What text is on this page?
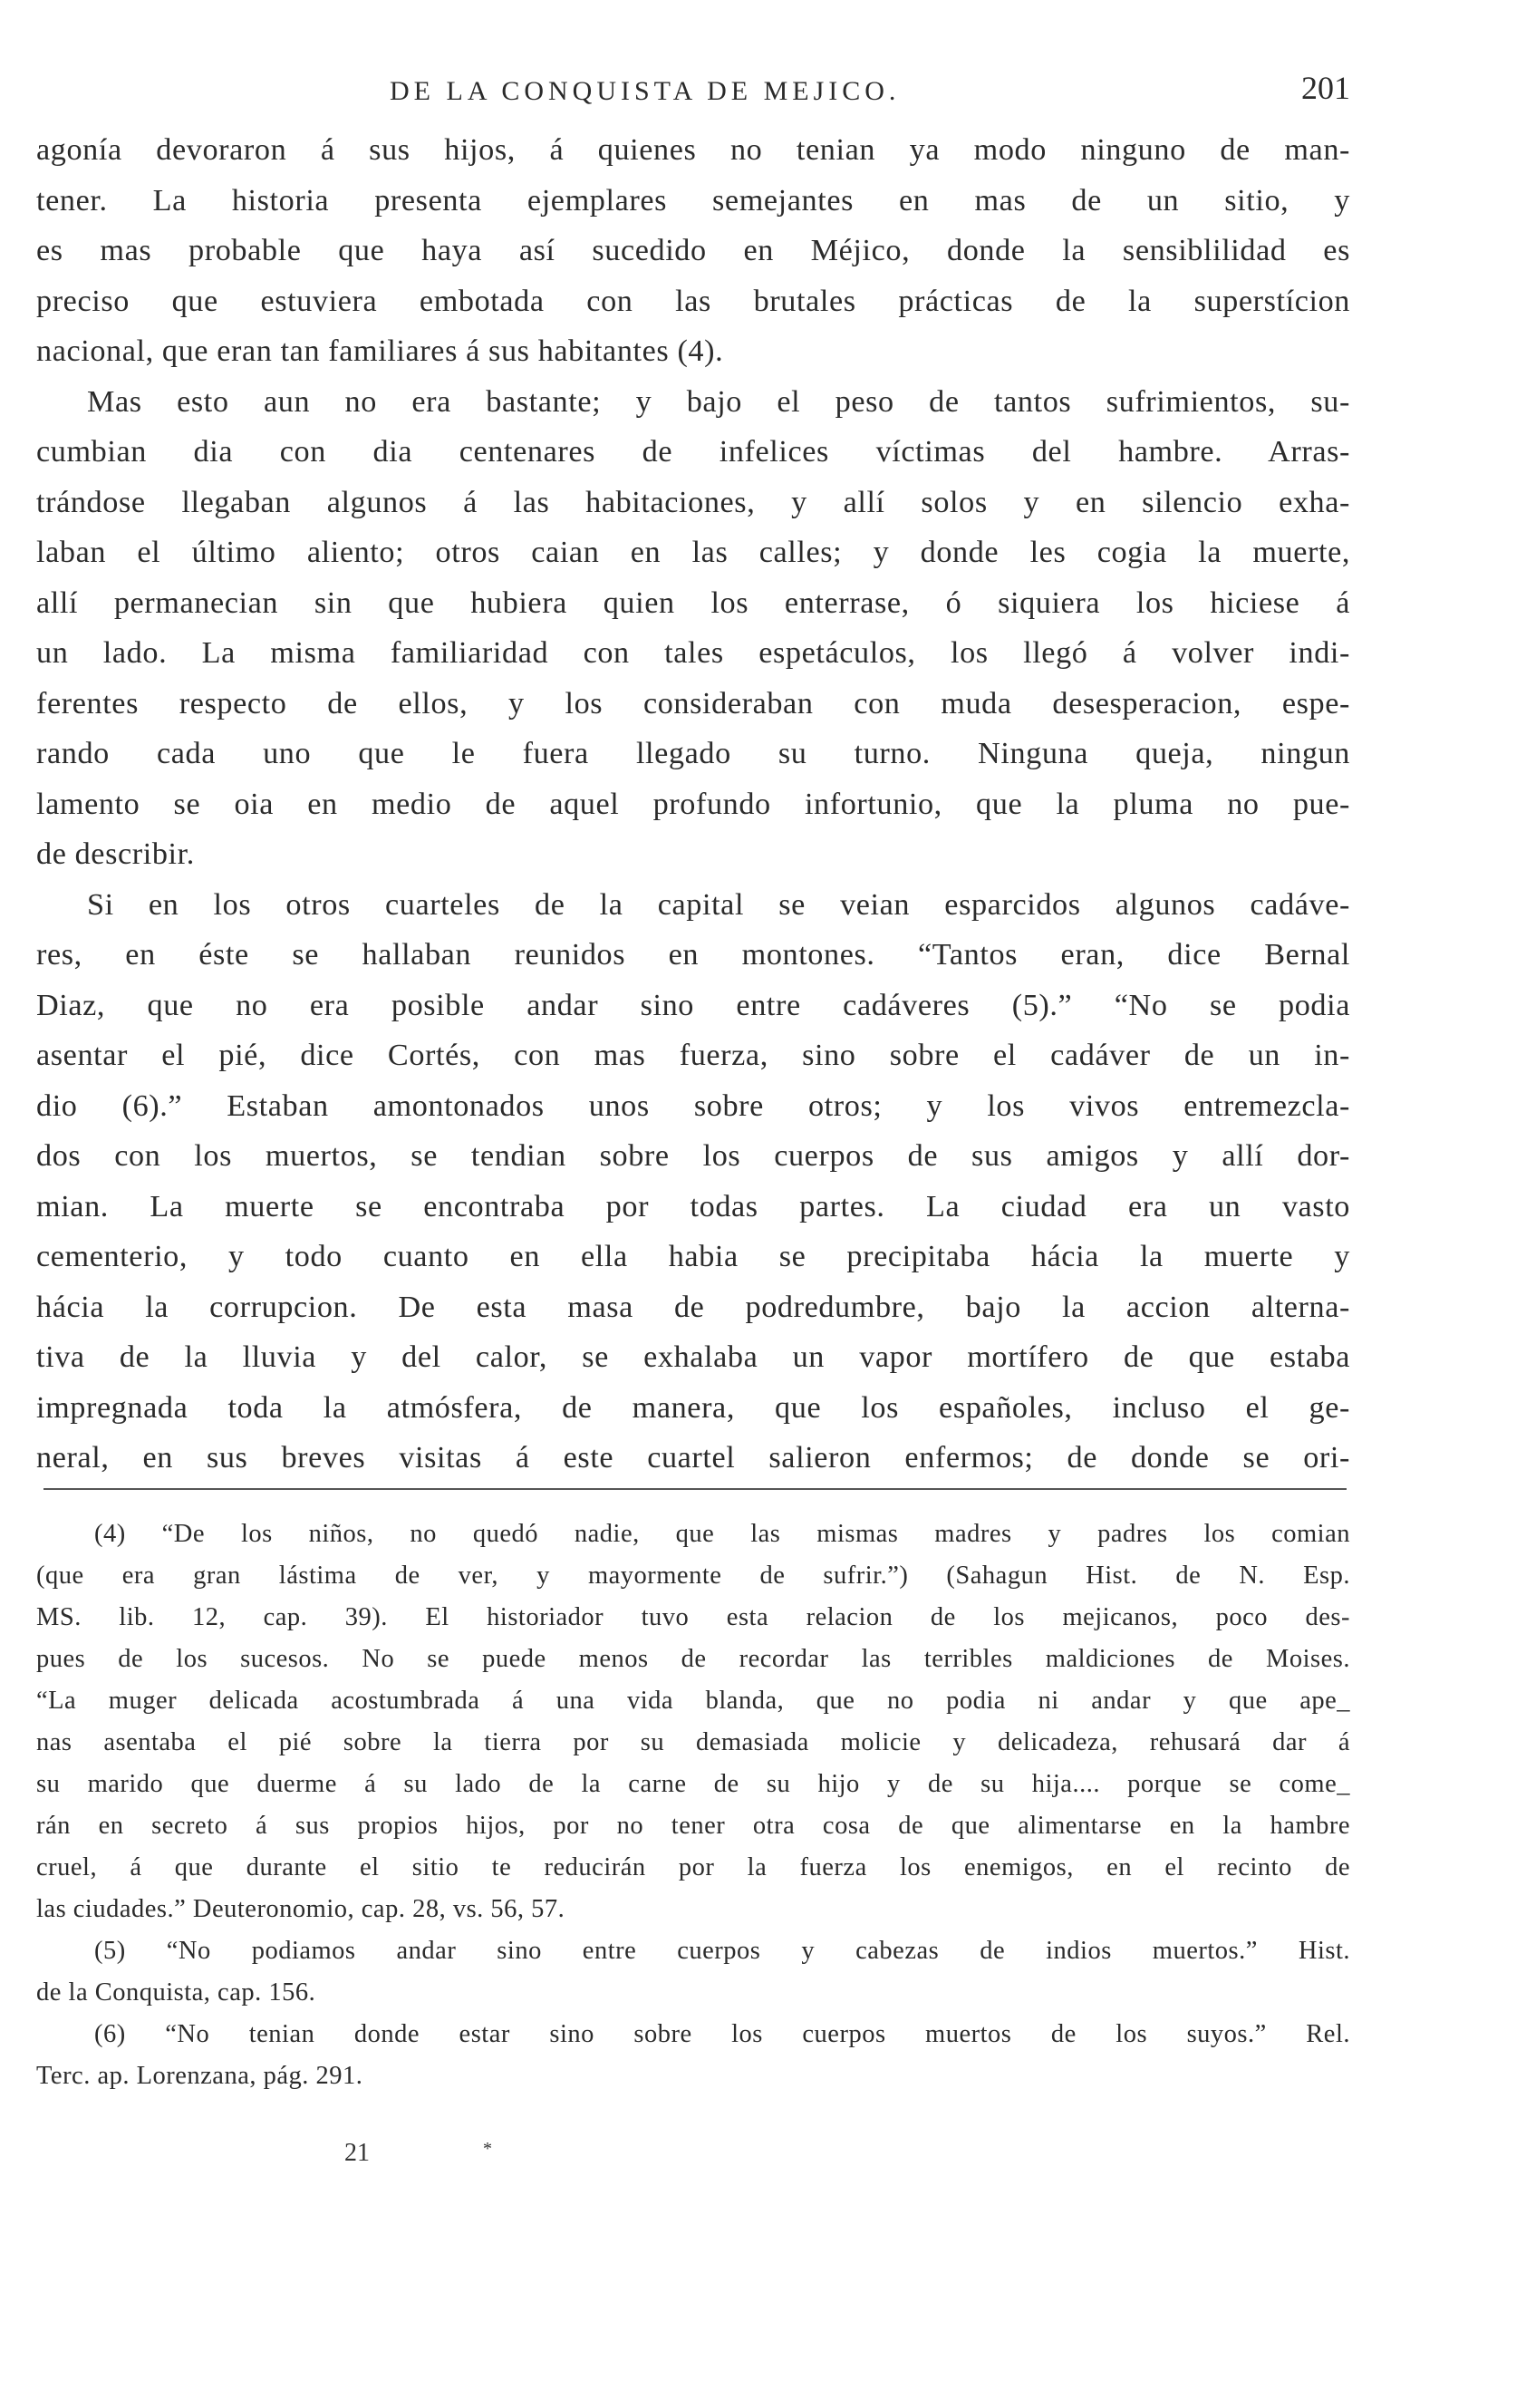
DE LA CONQUISTA DE MEJICO.	201
agonía devoraron á sus hijos, á quienes no tenian ya modo ninguno de man-
tener. La historia presenta ejemplares semejantes en mas de un sitio, y
es mas probable que haya así sucedido en Méjico, donde la sensiblilidad es
preciso que estuviera embotada con las brutales prácticas de la superstícion
nacional, que eran tan familiares á sus habitantes (4).
Mas esto aun no era bastante; y bajo el peso de tantos sufrimientos, su-
cumbian dia con dia centenares de infelices víctimas del hambre. Arras-
trándose llegaban algunos á las habitaciones, y allí solos y en silencio exha-
laban el último aliento; otros caian en las calles; y donde les cogia la muerte,
allí permanecian sin que hubiera quien los enterrase, ó siquiera los hiciese á
un lado. La misma familiaridad con tales espetáculos, los llegó á volver indi-
ferentes respecto de ellos, y los consideraban con muda desesperacion, espe-
rando cada uno que le fuera llegado su turno. Ninguna queja, ningun
lamento se oia en medio de aquel profundo infortunio, que la pluma no pue-
de describir.
Si en los otros cuarteles de la capital se veian esparcidos algunos cadáve-
res, en éste se hallaban reunidos en montones. “Tantos eran, dice Bernal
Diaz, que no era posible andar sino entre cadáveres (5).” “No se podia
asentar el pié, dice Cortés, con mas fuerza, sino sobre el cadáver de un in-
dio (6).” Estaban amontonados unos sobre otros; y los vivos entremezcla-
dos con los muertos, se tendian sobre los cuerpos de sus amigos y allí dor-
mian. La muerte se encontraba por todas partes. La ciudad era un vasto
cementerio, y todo cuanto en ella habia se precipitaba hácia la muerte y
hácia la corrupcion. De esta masa de podredumbre, bajo la accion alterna-
tiva de la lluvia y del calor, se exhalaba un vapor mortífero de que estaba
impregnada toda la atmósfera, de manera, que los españoles, incluso el ge-
neral, en sus breves visitas á este cuartel salieron enfermos; de donde se ori-
(4) “De los niños, no quedó nadie, que las mismas madres y padres los comian
(que era gran lástima de ver, y mayormente de sufrir.”) (Sahagun Hist. de N. Esp.
MS. lib. 12, cap. 39). El historiador tuvo esta relacion de los mejicanos, poco des-
pues de los sucesos. No se puede menos de recordar las terribles maldiciones de Moises.
“La muger delicada acostumbrada á una vida blanda, que no podia ni andar y que ape_
nas asentaba el pié sobre la tierra por su demasiada molicie y delicadeza, rehusará dar á
su marido que duerme á su lado de la carne de su hijo y de su hija.... porque se come_
rán en secreto á sus propios hijos, por no tener otra cosa de que alimentarse en la hambre
cruel, á que durante el sitio te reducirán por la fuerza los enemigos, en el recinto de
las ciudades.” Deuteronomio, cap. 28, vs. 56, 57.
(5) “No podiamos andar sino entre cuerpos y cabezas de indios muertos.” Hist.
de la Conquista, cap. 156.
(6) “No tenian donde estar sino sobre los cuerpos muertos de los suyos.” Rel.
Terc. ap. Lorenzana, pág. 291.
21	*
